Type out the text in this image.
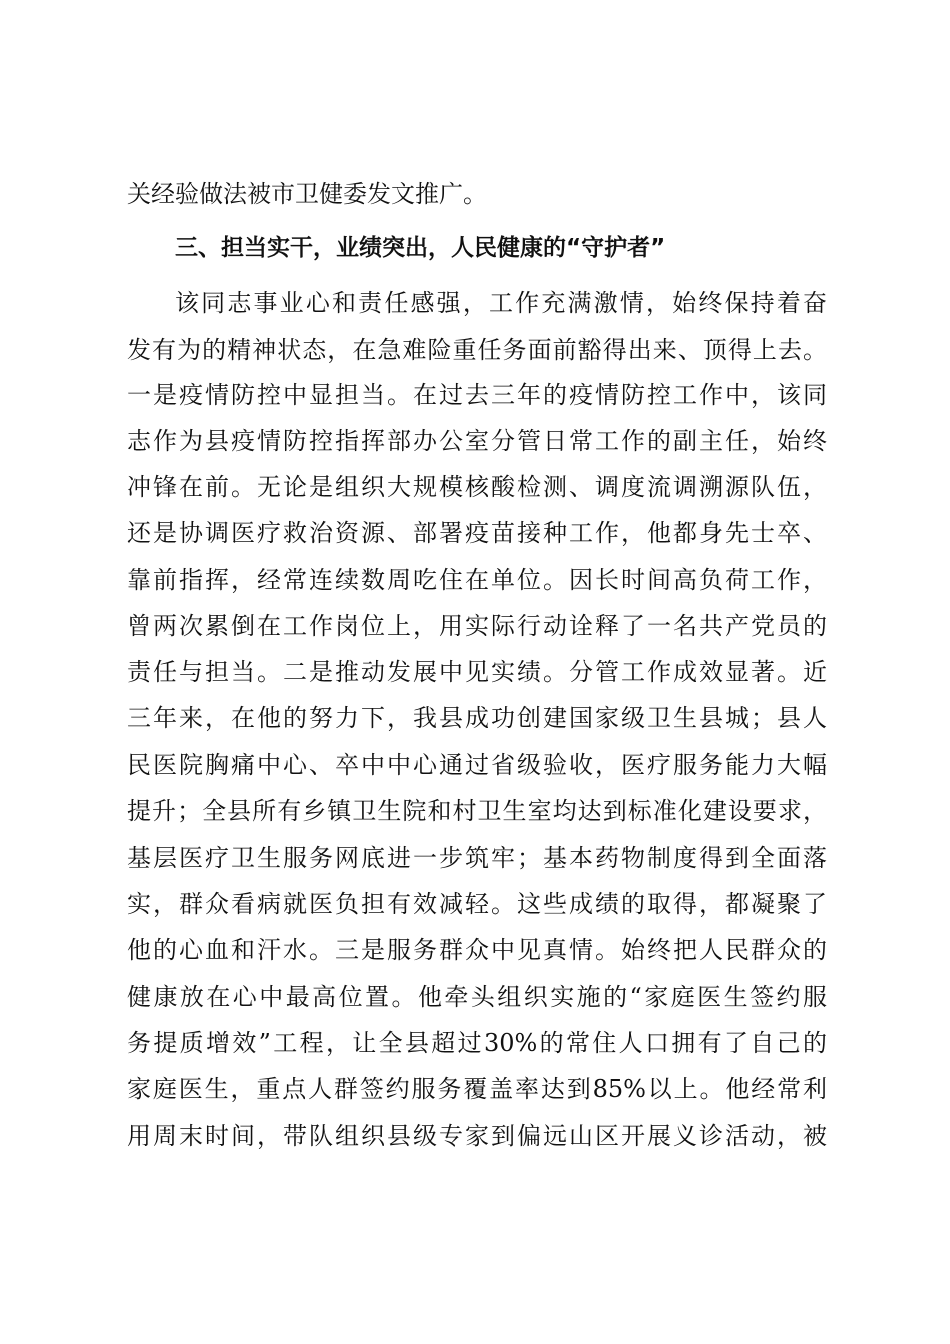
关经验做法被市卫健委发文推广。
三、担当实干，业绩突出，人民健康的“守护者”
该同志事业心和责任感强，工作充满激情，始终保持着奋
发有为的精神状态，在急难险重任务面前豁得出来、顶得上去。
一是疫情防控中显担当。在过去三年的疫情防控工作中，该同
志作为县疫情防控指挥部办公室分管日常工作的副主任，始终
冲锋在前。无论是组织大规模核酸检测、调度流调溯源队伍，
还是协调医疗救治资源、部署疫苗接种工作，他都身先士卒、
靠前指挥，经常连续数周吃住在单位。因长时间高负荷工作，
曾两次累倒在工作岗位上，用实际行动诠释了一名共产党员的
责任与担当。二是推动发展中见实绩。分管工作成效显著。近
三年来，在他的努力下，我县成功创建国家级卫生县城；县人
民医院胸痛中心、卒中中心通过省级验收，医疗服务能力大幅
提升；全县所有乡镇卫生院和村卫生室均达到标准化建设要求，
基层医疗卫生服务网底进一步筑牢；基本药物制度得到全面落
实，群众看病就医负担有效减轻。这些成绩的取得，都凝聚了
他的心血和汗水。三是服务群众中见真情。始终把人民群众的
健康放在心中最高位置。他牵头组织实施的“家庭医生签约服
务提质增效”工程，让全县超过30%的常住人口拥有了自己的
家庭医生，重点人群签约服务覆盖率达到85%以上。他经常利
用周末时间，带队组织县级专家到偏远山区开展义诊活动，被
